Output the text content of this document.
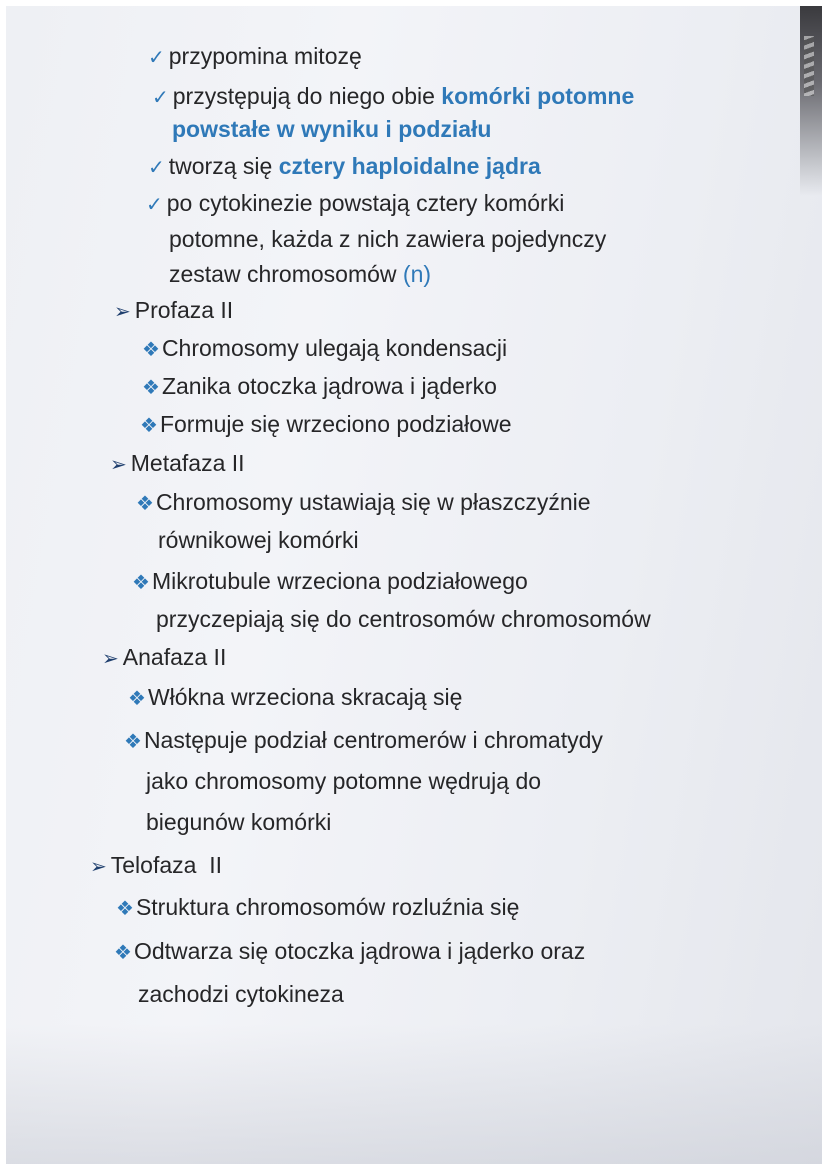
✓ przypomina mitozę
✓ przystępują do niego obie komórki potomne
powstałe w wyniku i podziału
✓ tworzą się cztery haploidalne jądra
✓ po cytokinezie powstają cztery komórki
potomne, każda z nich zawiera pojedynczy
zestaw chromosomów (n)
➢ Profaza II
❖Chromosomy ulegają kondensacji
❖Zanika otoczka jądrowa i jąderko
❖Formuje się wrzeciono podziałowe
➢ Metafaza II
❖Chromosomy ustawiają się w płaszczyźnie
równikowej komórki
❖Mikrotubule wrzeciona podziałowego
przyczepiają się do centrosomów chromosomów
➢ Anafaza II
❖Włókna wrzeciona skracają się
❖Następuje podział centromerów i chromatydy
jako chromosomy potomne wędrują do
biegunów komórki
➢ Telofaza  II
❖Struktura chromosomów rozluźnia się
❖Odtwarza się otoczka jądrowa i jąderko oraz
zachodzi cytokineza
